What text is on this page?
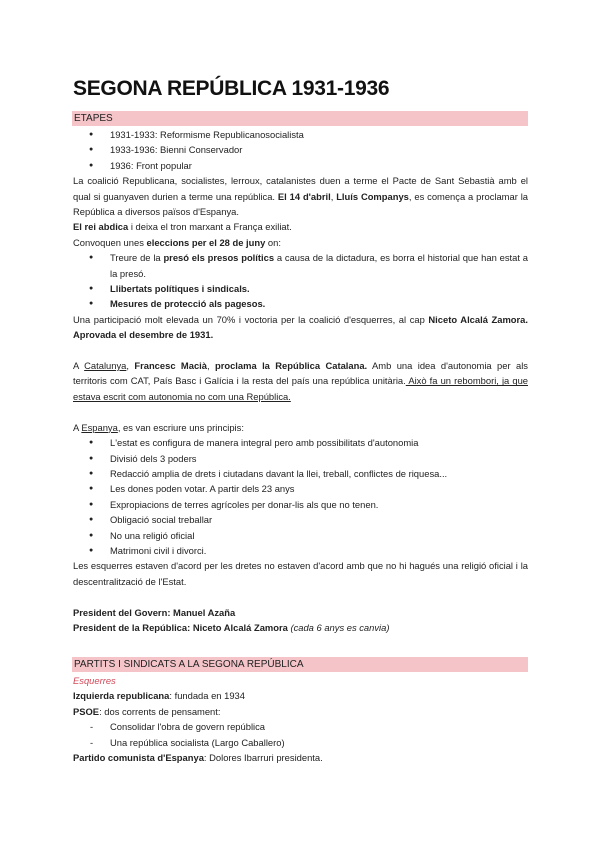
SEGONA REPÚBLICA 1931-1936
ETAPES
● 1931-1933: Reformisme Republicanosocialista
● 1933-1936: Bienni Conservador
● 1936: Front popular

La coalició Republicana, socialistes, lerroux, catalanistes duen a terme el Pacte de Sant Sebastià amb el qual si guanyaven durien a terme una república. El 14 d'abril, Lluís Companys, es comença a proclamar la República a diversos països d'Espanya.

El rei abdica i deixa el tron marxant a França exiliat.

Convoquen unes eleccions per el 28 de juny on:

● Treure de la presó els presos polítics a causa de la dictadura, es borra el historial que han estat a la presó.
● Llibertats polítiques i sindicals.
● Mesures de protecció als pagesos.

Una participació molt elevada un 70% i voctoria per la coalició d'esquerres, al cap Niceto Alcalá Zamora. Aprovada el desembre de 1931.

A Catalunya, Francesc Macià, proclama la República Catalana. Amb una idea d'autonomia per als territoris com CAT, País Basc i Galícia i la resta del país una república unitària. Això fa un rebombori, ja que estava escrit com autonomia no com una República.

A Espanya, es van escriure uns principis:

● L'estat es configura de manera integral pero amb possibilitats d'autonomia
● Divisió dels 3 poders
● Redacció amplia de drets i ciutadans davant la llei, treball, conflictes de riquesa...
● Les dones poden votar. A partir dels 23 anys
● Expropiacions de terres agrícoles per donar-lis als que no tenen.
● Obligació social treballar
● No una religió oficial
● Matrimoni civil i divorci.

Les esquerres estaven d'acord per les dretes no estaven d'acord amb que no hi hagués una religió oficial i la descentralització de l'Estat.

President del Govern: Manuel Azaña

President de la República: Niceto Alcalá Zamora (cada 6 anys es canvia)

PARTITS I SINDICATS A LA SEGONA REPÚBLICA

Esquerres

Izquierda republicana: fundada en 1934

PSOE: dos corrents de pensament:

- Consolidar l'obra de govern república
- Una república socialista (Largo Caballero)

Partido comunista d'Espanya: Dolores Ibarruri presidenta.
